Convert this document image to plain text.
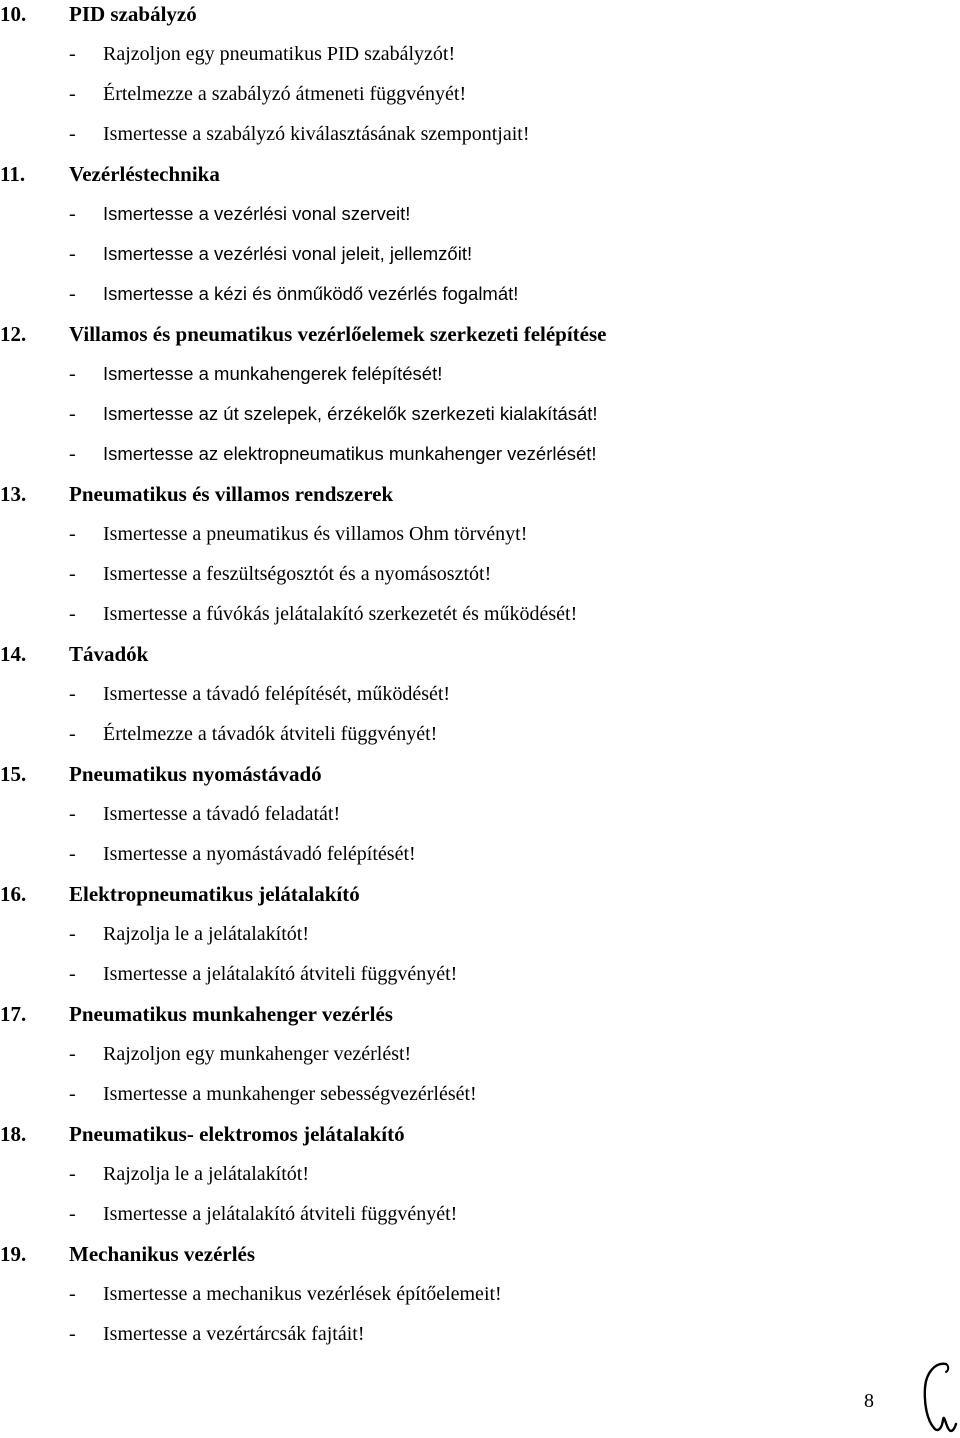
10.	PID szabályzó
- Rajzoljon egy pneumatikus PID szabályzót!
- Értelmezze a szabályzó átmeneti függvényét!
- Ismertesse a szabályzó kiválasztásának szempontjait!
11.	Vezérléstechnika
- Ismertesse a vezérlési vonal szerveit!
- Ismertesse a vezérlési vonal jeleit, jellemzőit!
- Ismertesse a kézi és önműködő vezérlés fogalmát!
12.	Villamos és pneumatikus vezérlőelemek szerkezeti felépítése
- Ismertesse a munkahengerek felépítését!
- Ismertesse az út szelepek, érzékelők szerkezeti kialakítását!
- Ismertesse az elektropneumatikus munkahenger vezérlését!
13.	Pneumatikus és villamos rendszerek
- Ismertesse a pneumatikus és villamos Ohm törvényt!
- Ismertesse a feszültségosztót és a nyomásosztót!
- Ismertesse a fúvókás jelátalakító szerkezetét és működését!
14.	Távadók
- Ismertesse a távadó felépítését, működését!
- Értelmezze a távadók átviteli függvényét!
15.	Pneumatikus nyomástávadó
- Ismertesse a távadó feladatát!
- Ismertesse a nyomástávadó felépítését!
16.	Elektropneumatikus jelátalakító
- Rajzolja le a jelátalakítót!
- Ismertesse a jelátalakító átviteli függvényét!
17.	Pneumatikus munkahenger vezérlés
- Rajzoljon egy munkahenger vezérlést!
- Ismertesse a munkahenger sebességvezérlését!
18.	Pneumatikus- elektromos jelátalakító
- Rajzolja le a jelátalakítót!
- Ismertesse a jelátalakító átviteli függvényét!
19.	Mechanikus vezérlés
- Ismertesse a mechanikus vezérlések építőelemeit!
- Ismertesse a vezértárcsák fajtáit!
8
